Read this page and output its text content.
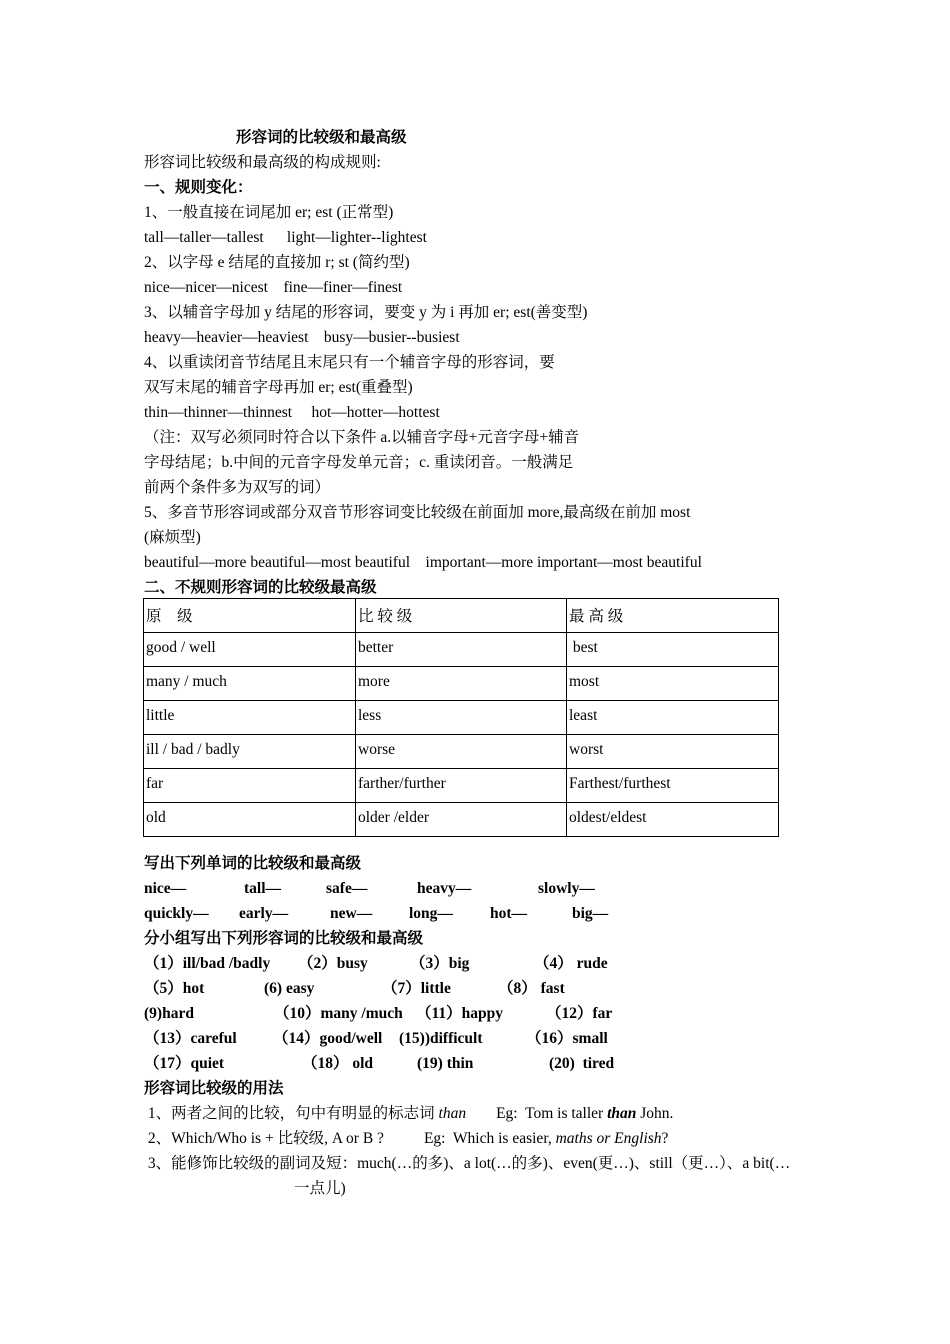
形容词的比较级和最高级
形容词比较级和最高级的构成规则:
一、规则变化：
1、一般直接在词尾加 er; est (正常型)
tall—taller—tallest      light—lighter--lightest
2、以字母 e 结尾的直接加 r; st (简约型)
nice—nicer—nicest    fine—finer—finest
3、以辅音字母加 y 结尾的形容词，要变 y 为 i 再加 er; est(善变型)
heavy—heavier—heaviest    busy—busier--busiest
4、以重读闭音节结尾且末尾只有一个辅音字母的形容词，要
双写末尾的辅音字母再加 er; est(重叠型)
thin—thinner—thinnest     hot—hotter—hottest
（注：双写必须同时符合以下条件 a.以辅音字母+元音字母+辅音
字母结尾；b.中间的元音字母发单元音；c. 重读闭音。一般满足
前两个条件多为双写的词）
5、多音节形容词或部分双音节形容词变比较级在前面加 more,最高级在前加 most
(麻烦型)
beautiful—more beautiful—most beautiful    important—more important—most beautiful
二、不规则形容词的比较级最高级
原    级	比 较 级	最 高 级
good / well	better	best
many / much	more	most
little	less	least
ill / bad / badly	worse	worst
far	farther/further	Farthest/furthest
old	older /elder	oldest/eldest
写出下列单词的比较级和最高级
nice—	tall—	safe—	heavy—	slowly—
quickly— early—	new— long— hot—	big—
分小组写出下列形容词的比较级和最高级
（1）ill/bad /badly （2）busy	（3）big	（4） rude
（5）hot	(6) easy	（7）little	（8） fast
(9)hard	（10）many /much （11）happy	（12）far
（13）careful （14）good/well (15))difficult	（16）small
（17）quiet	（18） old	(19) thin	(20)  tired
形容词比较级的用法
1、两者之间的比较，句中有明显的标志词 than Eg:  Tom is taller than John.
2、Which/Who is + 比较级, A or B ?	Eg:  Which is easier, maths or English?
3、能修饰比较级的副词及短：much(…的多)、a lot(…的多)、even(更…)、still（更…）、a bit(…
一点儿)
